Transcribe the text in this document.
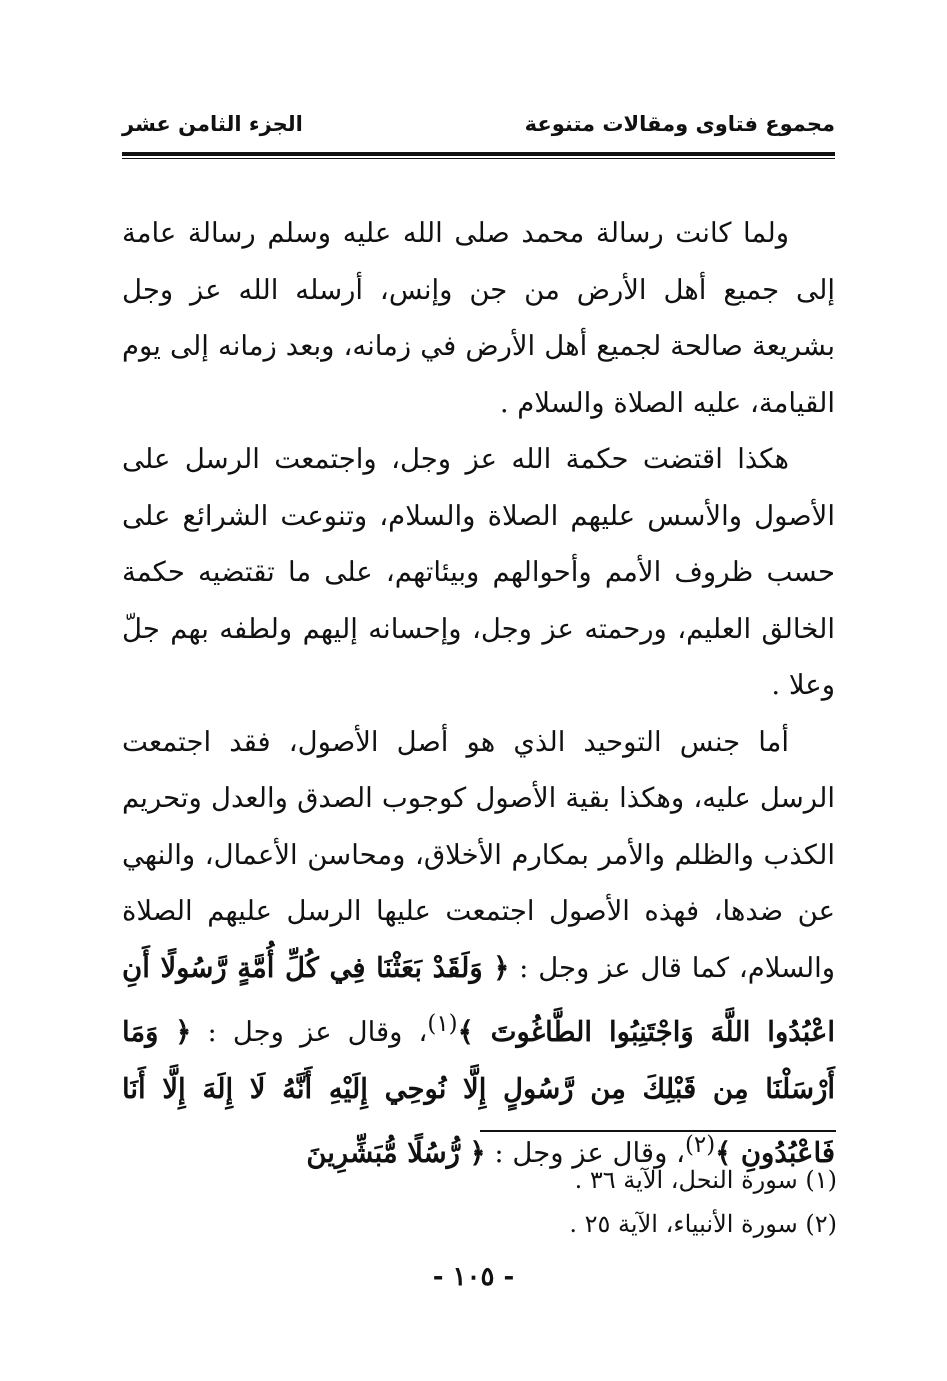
مجموع فتاوى ومقالات متنوعة
الجزء الثامن عشر

ولما كانت رسالة محمد صلى الله عليه وسلم رسالة عامة إلى جميع أهل الأرض من جن وإنس، أرسله الله عز وجل بشريعة صالحة لجميع أهل الأرض في زمانه، وبعد زمانه إلى يوم القيامة، عليه الصلاة والسلام .

هكذا اقتضت حكمة الله عز وجل، واجتمعت الرسل على الأصول والأسس عليهم الصلاة والسلام، وتنوعت الشرائع على حسب ظروف الأمم وأحوالهم وبيئاتهم، على ما تقتضيه حكمة الخالق العليم، ورحمته عز وجل، وإحسانه إليهم ولطفه بهم جلّ وعلا .

أما جنس التوحيد الذي هو أصل الأصول، فقد اجتمعت الرسل عليه، وهكذا بقية الأصول كوجوب الصدق والعدل وتحريم الكذب والظلم والأمر بمكارم الأخلاق، ومحاسن الأعمال، والنهي عن ضدها، فهذه الأصول اجتمعت عليها الرسل عليهم الصلاة والسلام، كما قال عز وجل : ﴿ وَلَقَدْ بَعَثْنَا فِي كُلِّ أُمَّةٍ رَّسُولًا أَنِ اعْبُدُوا اللَّهَ وَاجْتَنِبُوا الطَّاغُوتَ ﴾$^{(١)}$، وقال عز وجل : ﴿ وَمَا أَرْسَلْنَا مِن قَبْلِكَ مِن رَّسُولٍ إِلَّا نُوحِي إِلَيْهِ أَنَّهُ لَا إِلَهَ إِلَّا أَنَا فَاعْبُدُونِ ﴾$^{(٢)}$، وقال عز وجل : ﴿ رُّسُلًا مُّبَشِّرِينَ

(١) سورة النحل، الآية ٣٦ .
(٢) سورة الأنبياء، الآية ٢٥ .
- ١٠٥ -
